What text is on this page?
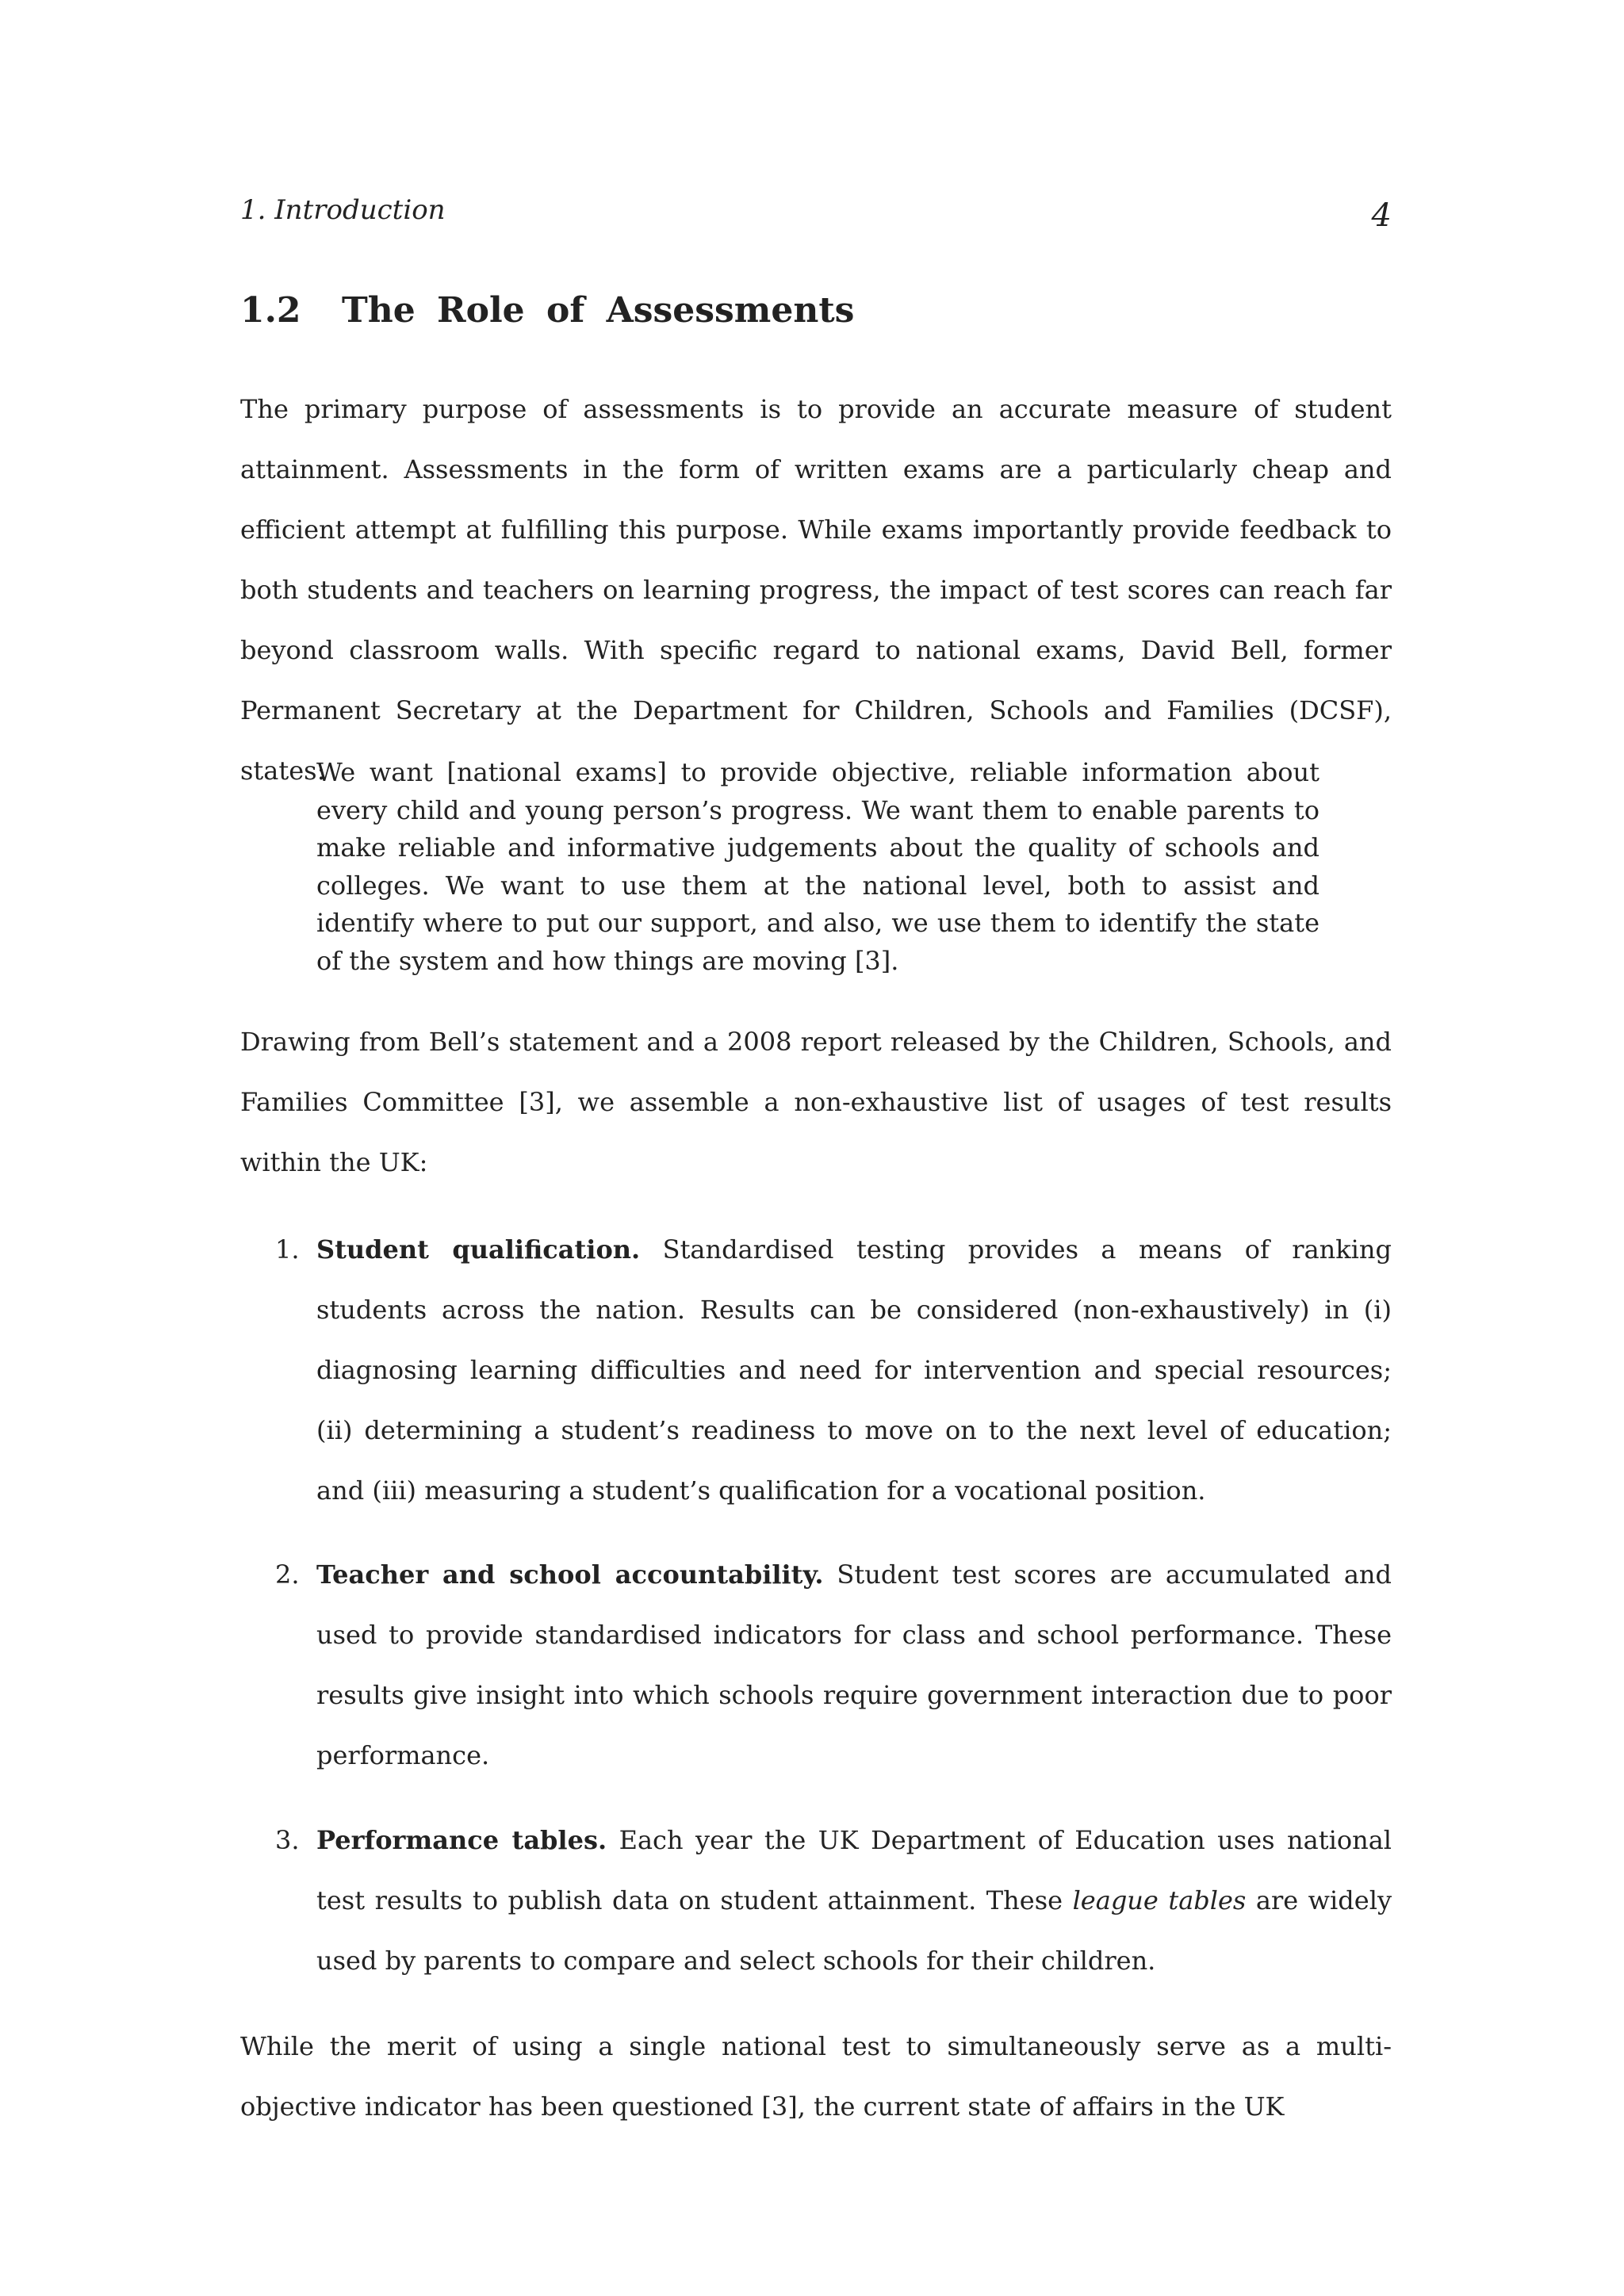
1. Introduction	4
1.2 The Role of Assessments

The primary purpose of assessments is to provide an accurate measure of student attainment. Assessments in the form of written exams are a particularly cheap and efficient attempt at fulfilling this purpose. While exams importantly provide feedback to both students and teachers on learning progress, the impact of test scores can reach far beyond classroom walls. With specific regard to national exams, David Bell, former Permanent Secretary at the Department for Children, Schools and Families (DCSF), states:

We want [national exams] to provide objective, reliable information about every child and young person’s progress. We want them to enable parents to make reliable and informative judgements about the quality of schools and colleges. We want to use them at the national level, both to assist and identify where to put our support, and also, we use them to identify the state of the system and how things are moving [3].

Drawing from Bell’s statement and a 2008 report released by the Children, Schools, and Families Committee [3], we assemble a non-exhaustive list of usages of test results within the UK:

1. Student qualification. Standardised testing provides a means of ranking students across the nation. Results can be considered (non-exhaustively) in (i) diagnosing learning difficulties and need for intervention and special resources; (ii) determining a student’s readiness to move on to the next level of education; and (iii) measuring a student’s qualification for a vocational position.
2. Teacher and school accountability. Student test scores are accumulated and used to provide standardised indicators for class and school performance. These results give insight into which schools require government interaction due to poor performance.
3. Performance tables. Each year the UK Department of Education uses national test results to publish data on student attainment. These league tables are widely used by parents to compare and select schools for their children.

While the merit of using a single national test to simultaneously serve as a multi-objective indicator has been questioned [3], the current state of affairs in the UK
